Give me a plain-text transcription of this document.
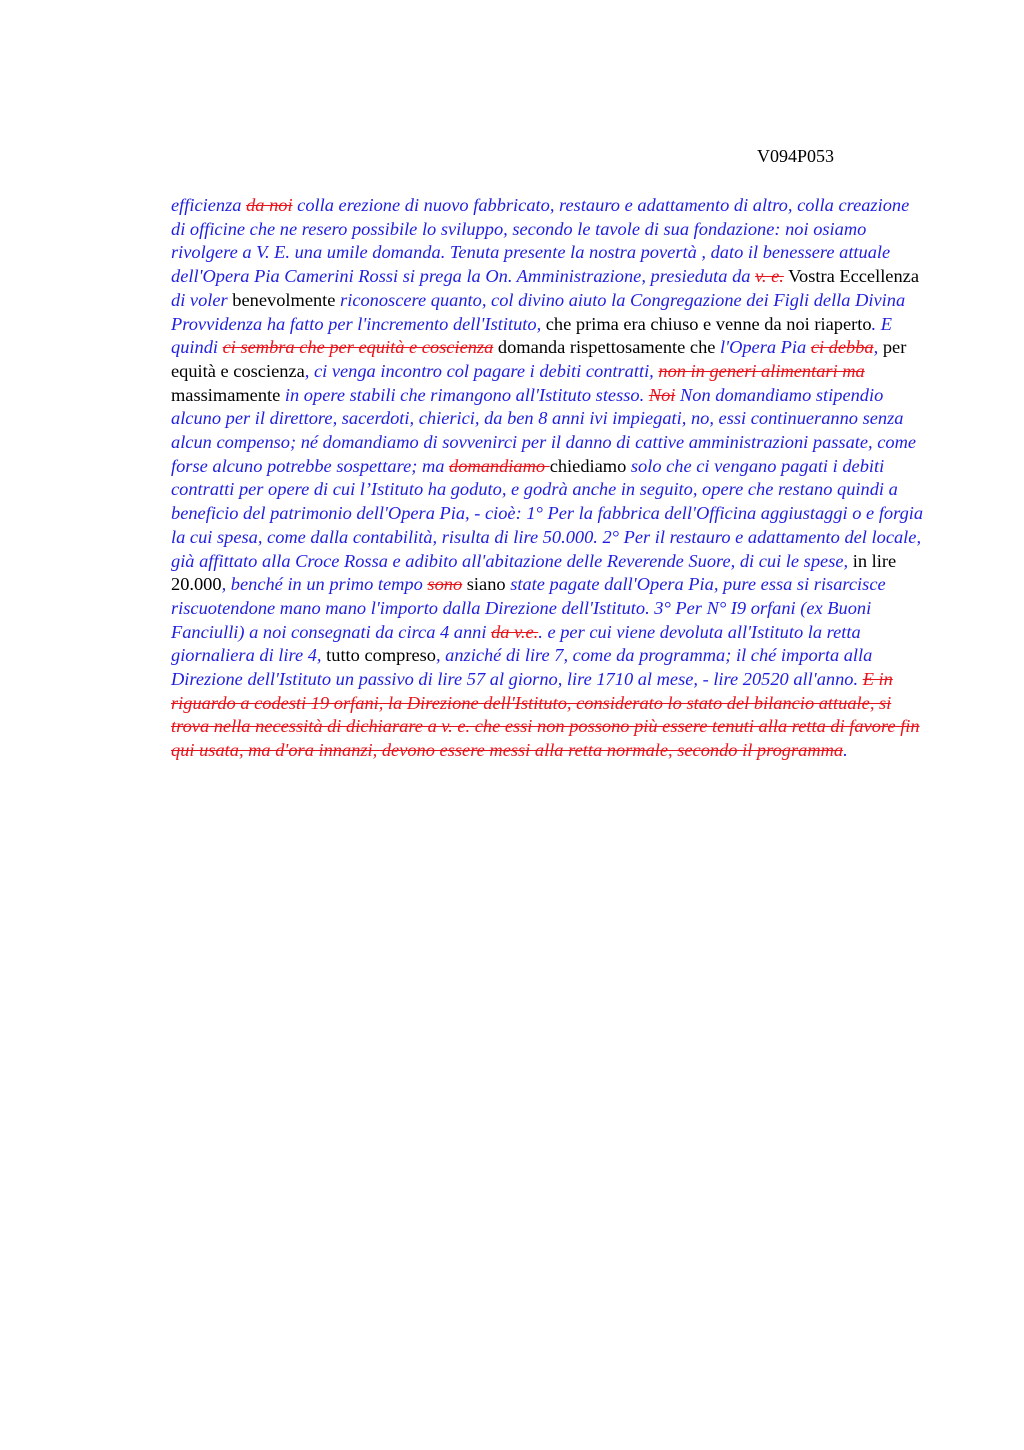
V094P053

efficienza da noi colla erezione di nuovo fabbricato, restauro e adattamento di altro, colla creazione di officine che ne resero possibile lo sviluppo, secondo le tavole di sua fondazione: noi osiamo rivolgere a V. E. una umile domanda. Tenuta presente la nostra povertà , dato il benessere attuale dell'Opera Pia Camerini Rossi si prega la On. Amministrazione, presieduta da v. e. Vostra Eccellenza di voler benevolmente riconoscere quanto, col divino aiuto la Congregazione dei Figli della Divina Provvidenza ha fatto per l'incremento dell'Istituto, che prima era chiuso e venne da noi riaperto. E quindi ci sembra che per equità e coscienza domanda rispettosamente che l'Opera Pia ci debba, per equità e coscienza, ci venga incontro col pagare i debiti contratti, non in generi alimentari ma massimamente in opere stabili che rimangono all'Istituto stesso. Noi Non domandiamo stipendio alcuno per il direttore, sacerdoti, chierici, da ben 8 anni ivi impiegati, no, essi continueranno senza alcun compenso; né domandiamo di sovvenirci per il danno di cattive amministrazioni passate, come forse alcuno potrebbe sospettare; ma domandiamo chiediamo solo che ci vengano pagati i debiti contratti per opere di cui l’Istituto ha goduto, e godrà anche in seguito, opere che restano quindi a beneficio del patrimonio dell'Opera Pia, - cioè: 1° Per la fabbrica dell'Officina aggiustaggi o e forgia la cui spesa, come dalla contabilità, risulta di lire 50.000. 2° Per il restauro e adattamento del locale, già affittato alla Croce Rossa e adibito all'abitazione delle Reverende Suore, di cui le spese, in lire 20.000, benché in un primo tempo sono siano state pagate dall'Opera Pia, pure essa si risarcisce riscuotendone mano mano l'importo dalla Direzione dell'Istituto. 3° Per N° I9 orfani (ex Buoni Fanciulli) a noi consegnati da circa 4 anni da v.e.. e per cui viene devoluta all'Istituto la retta giornaliera di lire 4, tutto compreso, anziché di lire 7, come da programma; il ché importa alla Direzione dell'Istituto un passivo di lire 57 al giorno, lire 1710 al mese, - lire 20520 all'anno. E in riguardo a codesti 19 orfani, la Direzione dell'Istituto, considerato lo stato del bilancio attuale, si trova nella necessità di dichiarare a v. e. che essi non possono più essere tenuti alla retta di favore fin qui usata, ma d'ora innanzi, devono essere messi alla retta normale, secondo il programma.
